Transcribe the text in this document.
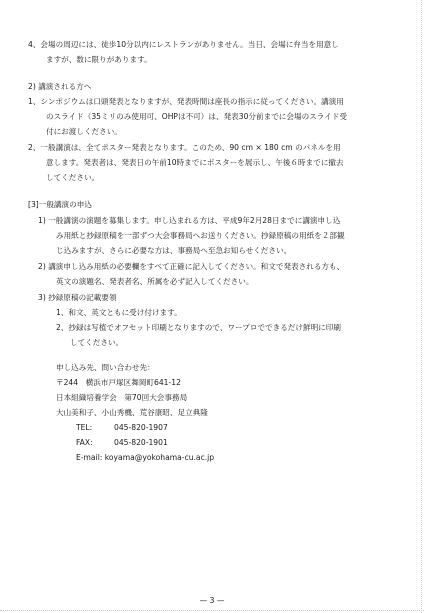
4、会場の周辺には、徒歩10分以内にレストランがありません。当日、会場に弁当を用意し
ますが、数に限りがあります。
2) 講演される方へ
1、シンポジウムは口頭発表となりますが、発表時間は座長の指示に従ってください。講演用
のスライド（35ミリのみ使用可、OHPは不可）は、発表30分前までに会場のスライド受
付にお渡しください。
2、一般講演は、全てポスター発表となります。このため、90 cm × 180 cm のパネルを用
意します。発表者は、発表日の午前10時までにポスターを展示し、午後６時までに撤去
してください。
[3]一般講演の申込
1) 一般講演の演題を募集します。申し込まれる方は、平成9年2月28日までに講演申し込
み用紙と抄録原稿を一部ずつ大会事務局へお送りください。抄録原稿の用紙を２部観
じ込みますが、さらに必要な方は、事務局へ至急お知らせください。
2) 講演申し込み用紙の必要欄をすべて正確に記入してください。和文で発表される方も、
英文の演題名、発表者名、所属を必ず記入してください。
3) 抄録原稿の記載要領
1、和文、英文ともに受け付けます。
2、抄録は写植でオフセット印刷となりますので、ワープロでできるだけ鮮明に印刷
してください。
申し込み先、問い合わせ先：
〒244　横浜市戸塚区舞岡町641-12
日本組織培養学会　第70回大会事務局
大山美和子、小山秀機、荒谷康昭、足立典隆
TEL:	045-820-1907
FAX:	045-820-1901
E-mail: koyama@yokohama-cu.ac.jp
— 3 —
